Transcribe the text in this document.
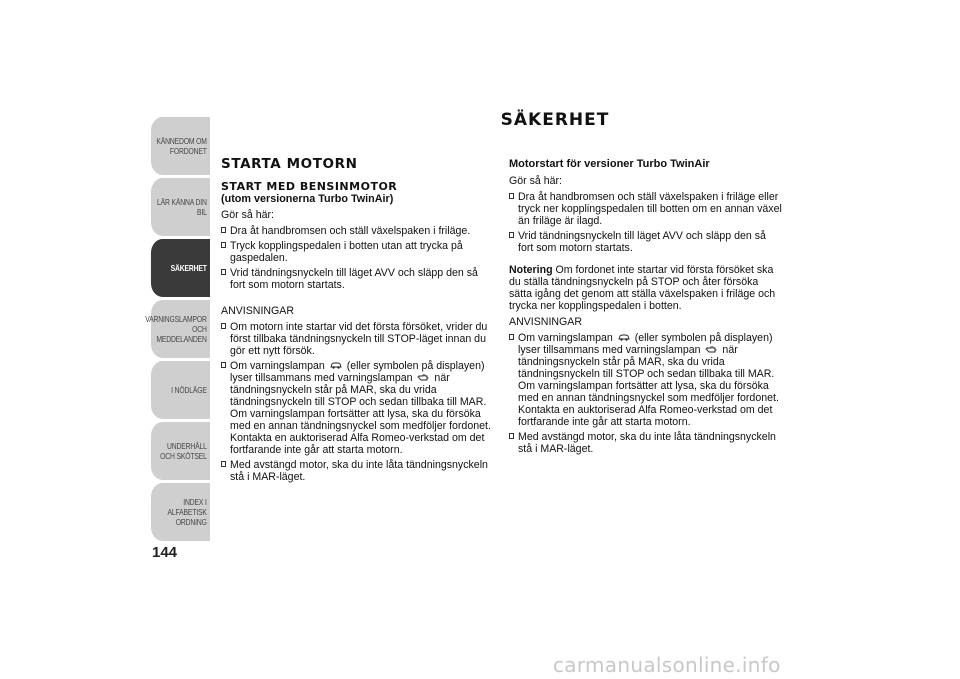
KÄNNEDOM OM FORDONET
LÄR KÄNNA DIN BIL
SÄKERHET
VARNINGSLAMPOR OCH MEDDELANDEN
I NÖDLÄGE
UNDERHÅLL OCH SKÖTSEL
INDEX I ALFABETISK ORDNING
144
SÄKERHET
STARTA MOTORN
START MED BENSINMOTOR
(utom versionerna Turbo TwinAir)

Gör så här:

Dra åt handbromsen och ställ växelspaken i friläge.
Tryck kopplingspedalen i botten utan att trycka på gaspedalen.
Vrid tändningsnyckeln till läget AVV och släpp den så fort som motorn startats.

ANVISNINGAR

Om motorn inte startar vid det första försöket, vrider du först tillbaka tändningsnyckeln till STOP-läget innan du gör ett nytt försök.
Om varningslampan (eller symbolen på displayen) lyser tillsammans med varningslampan när tändningsnyckeln står på MAR, ska du vrida tändningsnyckeln till STOP och sedan tillbaka till MAR. Om varningslampan fortsätter att lysa, ska du försöka med en annan tändningsnyckel som medföljer fordonet. Kontakta en auktoriserad Alfa Romeo-verkstad om det fortfarande inte går att starta motorn.
Med avstängd motor, ska du inte låta tändningsnyckeln stå i MAR-läget.
Motorstart för versioner Turbo TwinAir

Gör så här:

Dra åt handbromsen och ställ växelspaken i friläge eller tryck ner kopplingspedalen till botten om en annan växel än friläge är ilagd.
Vrid tändningsnyckeln till läget AVV och släpp den så fort som motorn startats.

Notering Om fordonet inte startar vid första försöket ska du ställa tändningsnyckeln på STOP och åter försöka sätta igång det genom att ställa växelspaken i friläge och trycka ner kopplingspedalen i botten.

ANVISNINGAR

Om varningslampan (eller symbolen på displayen) lyser tillsammans med varningslampan när tändningsnyckeln står på MAR, ska du vrida tändningsnyckeln till STOP och sedan tillbaka till MAR. Om varningslampan fortsätter att lysa, ska du försöka med en annan tändningsnyckel som medföljer fordonet. Kontakta en auktoriserad Alfa Romeo-verkstad om det fortfarande inte går att starta motorn.
Med avstängd motor, ska du inte låta tändningsnyckeln stå i MAR-läget.
carmanualsonline.info
